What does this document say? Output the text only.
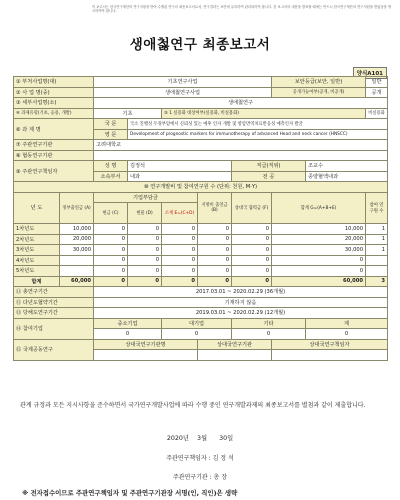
이 보고서는 한국연구재단의 연구지원을 받아 수행된 연구의 최종보고서로서, 연구결과는 보안에 유의하여 관리되어야 합니다. 본 보고서의 내용을 발표할 때에는 반드시 한국연구재단의 연구지원을 받았음을 명시하여야 합니다.
생애첧연구 최종보고서
양식A101
① 부처사업명(대)		기초연구사업					보안등급(보안, 일반)		일반
② 사 업 명(중)		생애첧연구사업					공개가능여부(공개, 비공개)		공개
③ 세부사업명(소)		생애첧연구							
④ 과제유형(기초, 응용, 개발)		기초		⑤ 1 실용화 대상여부(실용화, 비실용화)					비실용화
⑥ 과 제 명		국 문	국소 진행성 두경부암에서 신뢰성 있는 예후 인자 개발 및 항암면역치료반응성 예측인자 발굴						
		영 문	Development of prognostic markers for immunotherapy of advanced Head and neck cancer (HNSCC)						
⑦ 주관연구기관		고려대학교							
⑧ 협동연구기관									
⑨ 주관연구책임자		성 명	김정석			직급(직위)		조교수	
		소속부서	내과			전 공		종양혈액내과	
⑩ 연구개발비 및 참여연구원 수 (단위: 천원, M·Y)									
년 도	정부출연금 (A)	기업부담금			지방비 출연금 (B)	상대국 협력금 (F)	합계 G=(A+B+E)		참여 연구원 수
		현금 (C)	현물 (D)	소계 E=(C+D)					
1차년도	10,000	0	0	0	0	0	10,000		1
2차년도	20,000	0	0	0	0	0	20,000		1
3차년도	30,000	0	0	0	0	0	30,000		1
4차년도		0	0	0	0	0	0		
5차년도		0	0	0	0	0	0		
합계	60,000	0	0	0	0	0	60,000		3
⑪ 총연구기간		2017.03.01 ~ 2020.02.29 (36개월)							
⑫ 다년도협약기간		기재하지 않음							
⑬ 당해도연구기간		2019.03.01 ~ 2020.02.29 (12개월)							
⑭ 참여기업		중소기업		대기업		기타		계	
		0		0		0		0	
⑮ 국제공동연구		상대국연구기관명			상대국연구기관		상대국연구책임자		

관계 규정과 모든 지시사항을 준수하면서 국가연구개발사업에 따라 수행 중인 연구개발과제의 최종보고서를 별첨과 같이 제출합니다.
2020년 3월 30일
주관연구책임자 : 김 정 석
주관연구기관 : 총 장
※ 전자접수이므로 주관연구책임자 및 주관연구기관장 서명(인, 직인)은 생략
